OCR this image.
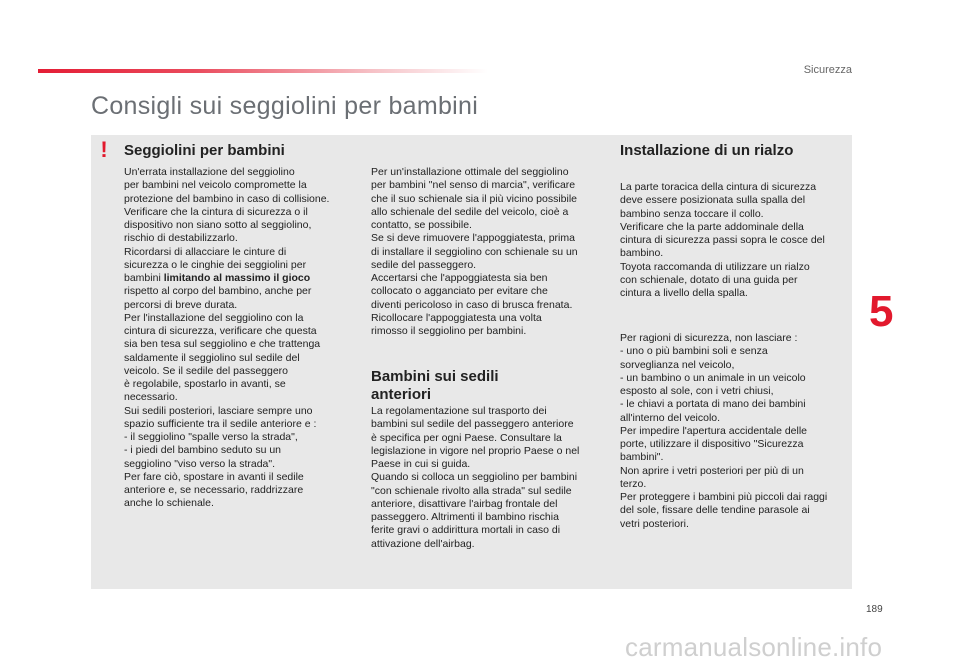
Sicurezza
Consigli sui seggiolini per bambini
! Seggiolini per bambini
Un'errata installazione del seggiolino
per bambini nel veicolo compromette la
protezione del bambino in caso di collisione.
Verificare che la cintura di sicurezza o il
dispositivo non siano sotto al seggiolino,
rischio di destabilizzarlo.
Ricordarsi di allacciare le cinture di
sicurezza o le cinghie dei seggiolini per
bambini limitando al massimo il gioco
rispetto al corpo del bambino, anche per
percorsi di breve durata.
Per l'installazione del seggiolino con la
cintura di sicurezza, verificare che questa
sia ben tesa sul seggiolino e che trattenga
saldamente il seggiolino sul sedile del
veicolo. Se il sedile del passeggero
è regolabile, spostarlo in avanti, se
necessario.
Sui sedili posteriori, lasciare sempre uno
spazio sufficiente tra il sedile anteriore e :
- il seggiolino "spalle verso la strada",
- i piedi del bambino seduto su un
seggiolino "viso verso la strada".
Per fare ciò, spostare in avanti il sedile
anteriore e, se necessario, raddrizzare
anche lo schienale.
Per un'installazione ottimale del seggiolino
per bambini "nel senso di marcia", verificare
che il suo schienale sia il più vicino possibile
allo schienale del sedile del veicolo, cioè a
contatto, se possibile.
Se si deve rimuovere l'appoggiatesta, prima
di installare il seggiolino con schienale su un
sedile del passeggero.
Accertarsi che l'appoggiatesta sia ben
collocato o agganciato per evitare che
diventi pericoloso in caso di brusca frenata.
Ricollocare l'appoggiatesta una volta
rimosso il seggiolino per bambini.
Bambini sui sedili
anteriori
La regolamentazione sul trasporto dei
bambini sul sedile del passeggero anteriore
è specifica per ogni Paese. Consultare la
legislazione in vigore nel proprio Paese o nel
Paese in cui si guida.
Quando si colloca un seggiolino per bambini
"con schienale rivolto alla strada" sul sedile
anteriore, disattivare l'airbag frontale del
passeggero. Altrimenti il bambino rischia
ferite gravi o addirittura mortali in caso di
attivazione dell'airbag.
Installazione di un rialzo
La parte toracica della cintura di sicurezza
deve essere posizionata sulla spalla del
bambino senza toccare il collo.
Verificare che la parte addominale della
cintura di sicurezza passi sopra le cosce del
bambino.
Toyota raccomanda di utilizzare un rialzo
con schienale, dotato di una guida per
cintura a livello della spalla.
Per ragioni di sicurezza, non lasciare :
- uno o più bambini soli e senza
sorveglianza nel veicolo,
- un bambino o un animale in un veicolo
esposto al sole, con i vetri chiusi,
- le chiavi a portata di mano dei bambini
all'interno del veicolo.
Per impedire l'apertura accidentale delle
porte, utilizzare il dispositivo "Sicurezza
bambini".
Non aprire i vetri posteriori per più di un
terzo.
Per proteggere i bambini più piccoli dai raggi
del sole, fissare delle tendine parasole ai
vetri posteriori.
5
189
carmanualsonline.info
